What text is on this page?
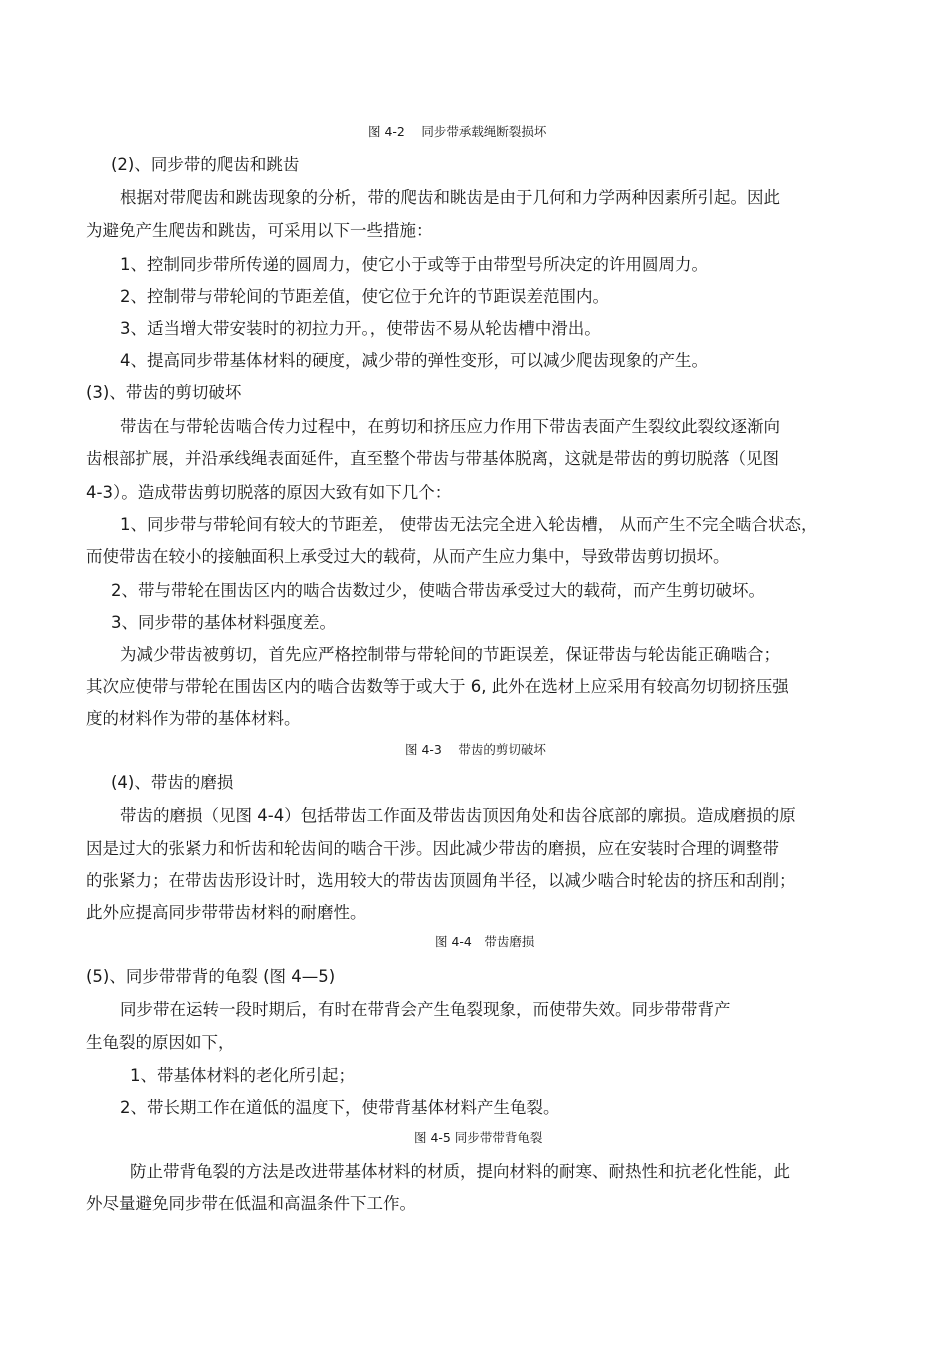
图 4-2　 同步带承载绳断裂损坏
(2)、同步带的爬齿和跳齿
根据对带爬齿和跳齿现象的分析，带的爬齿和眺齿是由于几何和力学两种因素所引起。因此
为避免产生爬齿和跳齿，可采用以下一些措施：
1、控制同步带所传递的圆周力，使它小于或等于由带型号所决定的许用圆周力。
2、控制带与带轮间的节距差值，使它位于允许的节距误差范围内。
3、适当增大带安装时的初拉力开。，使带齿不易从轮齿槽中滑出。
4、提高同步带基体材料的硬度，减少带的弹性变形，可以减少爬齿现象的产生。
(3)、带齿的剪切破坏
带齿在与带轮齿啮合传力过程中，在剪切和挤压应力作用下带齿表面产生裂纹此裂纹逐渐向
齿根部扩展，并沿承线绳表面延件，直至整个带齿与带基体脱离，这就是带齿的剪切脱落（见图
4-3）。造成带齿剪切脱落的原因大致有如下几个：
1、同步带与带轮间有较大的节距差， 使带齿无法完全进入轮齿槽， 从而产生不完全啮合状态，
而使带齿在较小的接触面积上承受过大的载荷，从而产生应力集中，导致带齿剪切损坏。
2、带与带轮在围齿区内的啮合齿数过少，使啮合带齿承受过大的载荷，而产生剪切破坏。
3、同步带的基体材料强度差。
为减少带齿被剪切，首先应严格控制带与带轮间的节距误差，保证带齿与轮齿能正确啮合；
其次应使带与带轮在围齿区内的啮合齿数等于或大于 6, 此外在选材上应采用有较高勿切韧挤压强
度的材料作为带的基体材料。
图 4-3　 带齿的剪切破坏
(4)、带齿的磨损
带齿的磨损（见图 4-4）包括带齿工作面及带齿齿顶因角处和齿谷底部的廓损。造成磨损的原
因是过大的张紧力和忻齿和轮齿间的啮合干涉。因此减少带齿的磨损，应在安装时合理的调整带
的张紧力；在带齿齿形设计时，选用较大的带齿齿顶圆角半径，以减少啮合时轮齿的挤压和刮削；
此外应提高同步带带齿材料的耐磨性。
图 4-4　带齿磨损
(5)、同步带带背的龟裂 (图 4—5)
同步带在运转一段时期后，有时在带背会产生龟裂现象，而使带失效。同步带带背产
生龟裂的原因如下，
1、带基体材料的老化所引起；
2、带长期工作在道低的温度下，使带背基体材料产生龟裂。
图 4-5 同步带带背龟裂
防止带背龟裂的方法是改进带基体材料的材质，提向材料的耐寒、耐热性和抗老化性能，此
外尽量避免同步带在低温和高温条件下工作。
